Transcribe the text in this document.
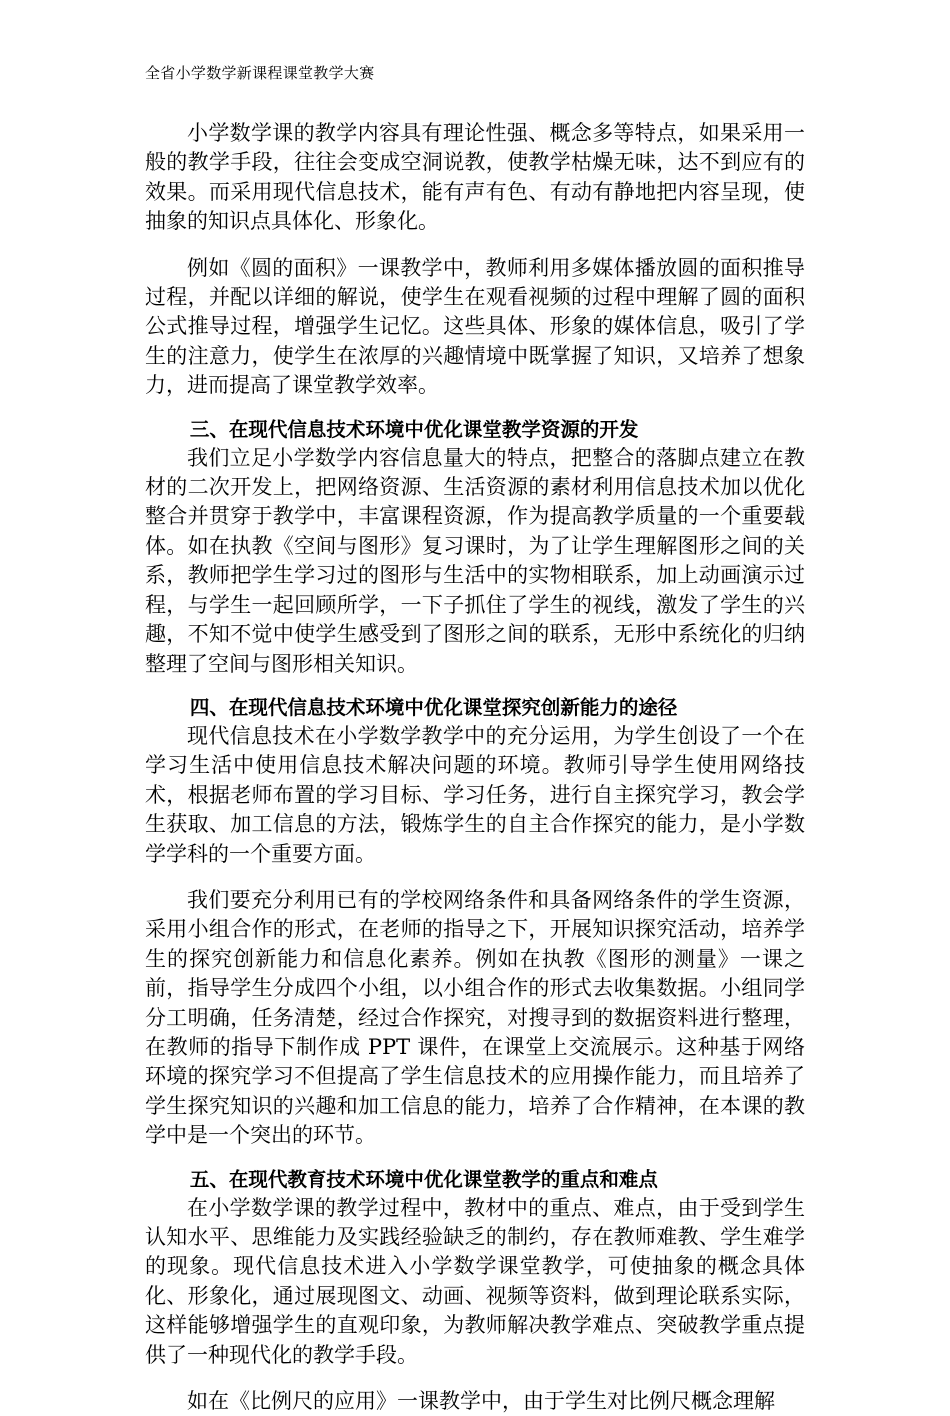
全省小学数学新课程课堂教学大赛

小学数学课的教学内容具有理论性强、概念多等特点，如果采用一般的教学手段，往往会变成空洞说教，使教学枯燥无味，达不到应有的效果。而采用现代信息技术，能有声有色、有动有静地把内容呈现，使抽象的知识点具体化、形象化。

例如《圆的面积》一课教学中，教师利用多媒体播放圆的面积推导过程，并配以详细的解说，使学生在观看视频的过程中理解了圆的面积公式推导过程，增强学生记忆。这些具体、形象的媒体信息，吸引了学生的注意力，使学生在浓厚的兴趣情境中既掌握了知识，又培养了想象力，进而提高了课堂教学效率。

三、在现代信息技术环境中优化课堂教学资源的开发

我们立足小学数学内容信息量大的特点，把整合的落脚点建立在教材的二次开发上，把网络资源、生活资源的素材利用信息技术加以优化整合并贯穿于教学中，丰富课程资源，作为提高教学质量的一个重要载体。如在执教《空间与图形》复习课时，为了让学生理解图形之间的关系，教师把学生学习过的图形与生活中的实物相联系，加上动画演示过程，与学生一起回顾所学，一下子抓住了学生的视线，激发了学生的兴趣，不知不觉中使学生感受到了图形之间的联系，无形中系统化的归纳整理了空间与图形相关知识。

四、在现代信息技术环境中优化课堂探究创新能力的途径

现代信息技术在小学数学教学中的充分运用，为学生创设了一个在学习生活中使用信息技术解决问题的环境。教师引导学生使用网络技术，根据老师布置的学习目标、学习任务，进行自主探究学习，教会学生获取、加工信息的方法，锻炼学生的自主合作探究的能力，是小学数学学科的一个重要方面。

我们要充分利用已有的学校网络条件和具备网络条件的学生资源，采用小组合作的形式，在老师的指导之下，开展知识探究活动，培养学生的探究创新能力和信息化素养。例如在执教《图形的测量》一课之前，指导学生分成四个小组，以小组合作的形式去收集数据。小组同学分工明确，任务清楚，经过合作探究，对搜寻到的数据资料进行整理，在教师的指导下制作成 PPT 课件，在课堂上交流展示。这种基于网络环境的探究学习不但提高了学生信息技术的应用操作能力，而且培养了学生探究知识的兴趣和加工信息的能力，培养了合作精神，在本课的教学中是一个突出的环节。

五、在现代教育技术环境中优化课堂教学的重点和难点

在小学数学课的教学过程中，教材中的重点、难点，由于受到学生认知水平、思维能力及实践经验缺乏的制约，存在教师难教、学生难学的现象。现代信息技术进入小学数学课堂教学，可使抽象的概念具体化、形象化，通过展现图文、动画、视频等资料，做到理论联系实际，这样能够增强学生的直观印象，为教师解决教学难点、突破教学重点提供了一种现代化的教学手段。

如在《比例尺的应用》一课教学中，由于学生对比例尺概念理解
